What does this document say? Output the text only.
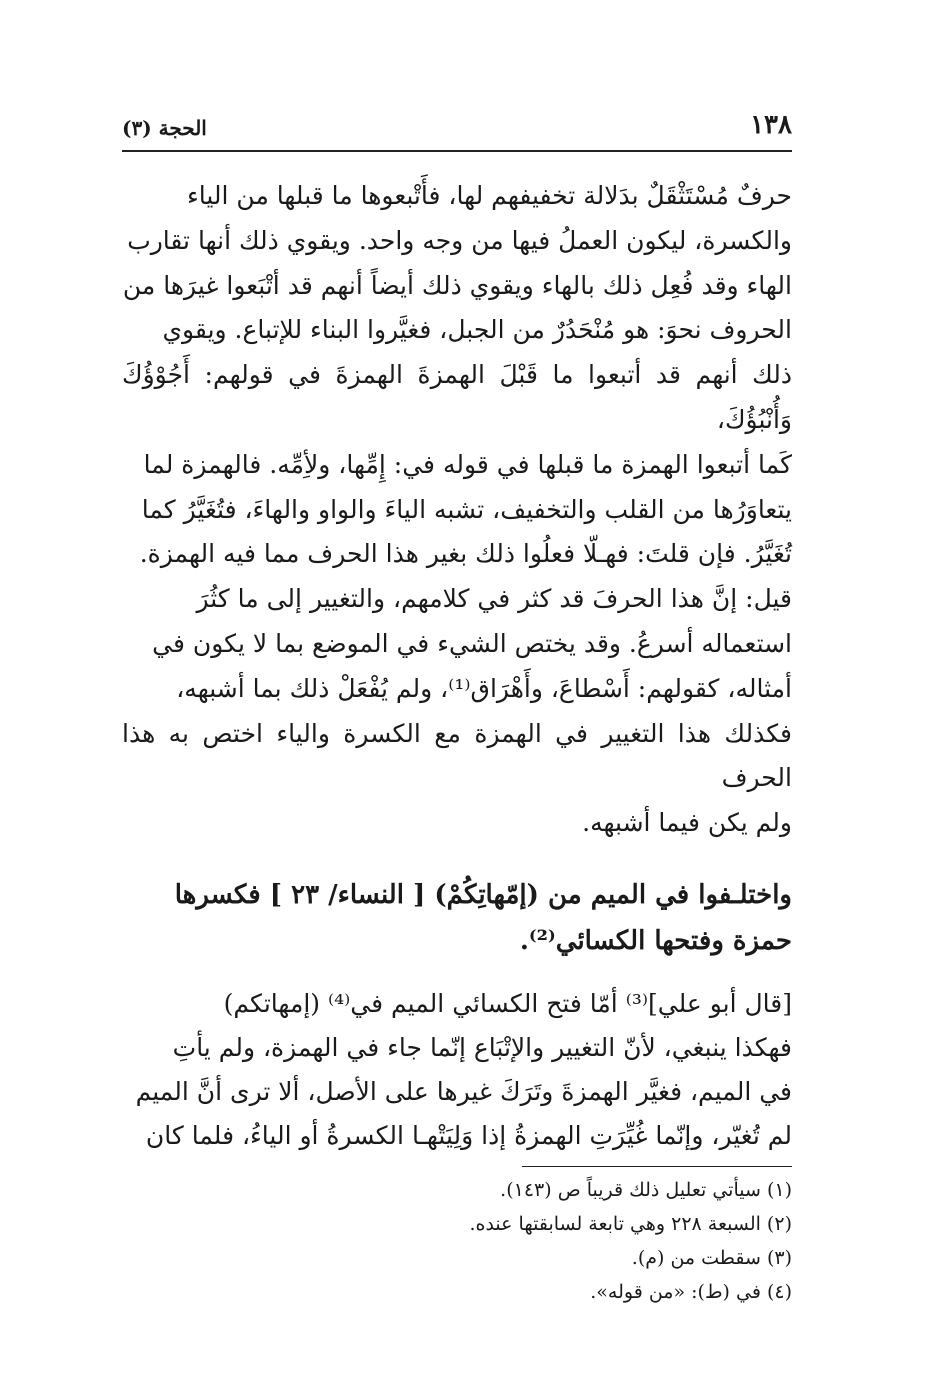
١٣٨
الحجة (٣)

حرفٌ مُسْتَثْقَلٌ بدَلالة تخفيفهم لها، فأَتْبعوها ما قبلها من الياء

والكسرة، ليكون العملُ فيها من وجه واحد. ويقوي ذلك أنها تقارب

الهاء وقد فُعِل ذلك بالهاء ويقوي ذلك أيضاً أنهم قد أتْبَعوا غيرَها من

الحروف نحوَ: هو مُنْحَدُرٌ من الجبل، فغيَّروا البناء للإتباع. ويقوي

ذلك أنهم قد أتبعوا ما قَبْلَ الهمزةَ الهمزةَ في قولهم: أَجُوْؤُكَ وَأُنْبُؤُكَ،

كَما أتبعوا الهمزة ما قبلها في قوله في: إِمِّها، ولأِمِّه. فالهمزة لما

يتعاوَرُها من القلب والتخفيف، تشبه الياءَ والواو والهاءَ، فتُغَيَّرُ كما

تُغَيَّرُ. فإن قلتَ: فهـلّا فعلُوا ذلك بغير هذا الحرف مما فيه الهمزة.

قيل: إنَّ هذا الحرفَ قد كثر في كلامهم، والتغيير إلى ما كثُرَ

استعماله أسرعُ. وقد يختص الشيء في الموضع بما لا يكون في

أمثاله، كقولهم: أَسْطاعَ، وأَهْرَاق⁽¹⁾، ولم يُفْعَلْ ذلك بما أشبهه،

فكذلك هذا التغيير في الهمزة مع الكسرة والياء اختص به هذا الحرف

ولم يكن فيما أشبهه.

واختلـفوا في الميم من (إمّهاتِكُمْ) [ النساء/ ٢٣ ] فكسرها

حمزة وفتحها الكسائي⁽²⁾.

[قال أبو علي]⁽³⁾ أمّا فتح الكسائي الميم في⁽⁴⁾ (إمهاتكم)

فهكذا ينبغي، لأنّ التغيير والإتْبَاع إنّما جاء في الهمزة، ولم يأتِ

في الميم، فغيَّر الهمزةَ وتَرَكَ غيرها على الأصل، ألا ترى أنَّ الميم

لم تُغيّر، وإنّما غُيِّرَتِ الهمزةُ إذا وَلِيَتْهـا الكسرةُ أو الياءُ، فلما كان

(١) سيأتي تعليل ذلك قريباً ص (١٤٣).
(٢) السبعة ٢٢٨ وهي تابعة لسابقتها عنده.
(٣) سقطت من (م).
(٤) في (ط): «من قوله».
